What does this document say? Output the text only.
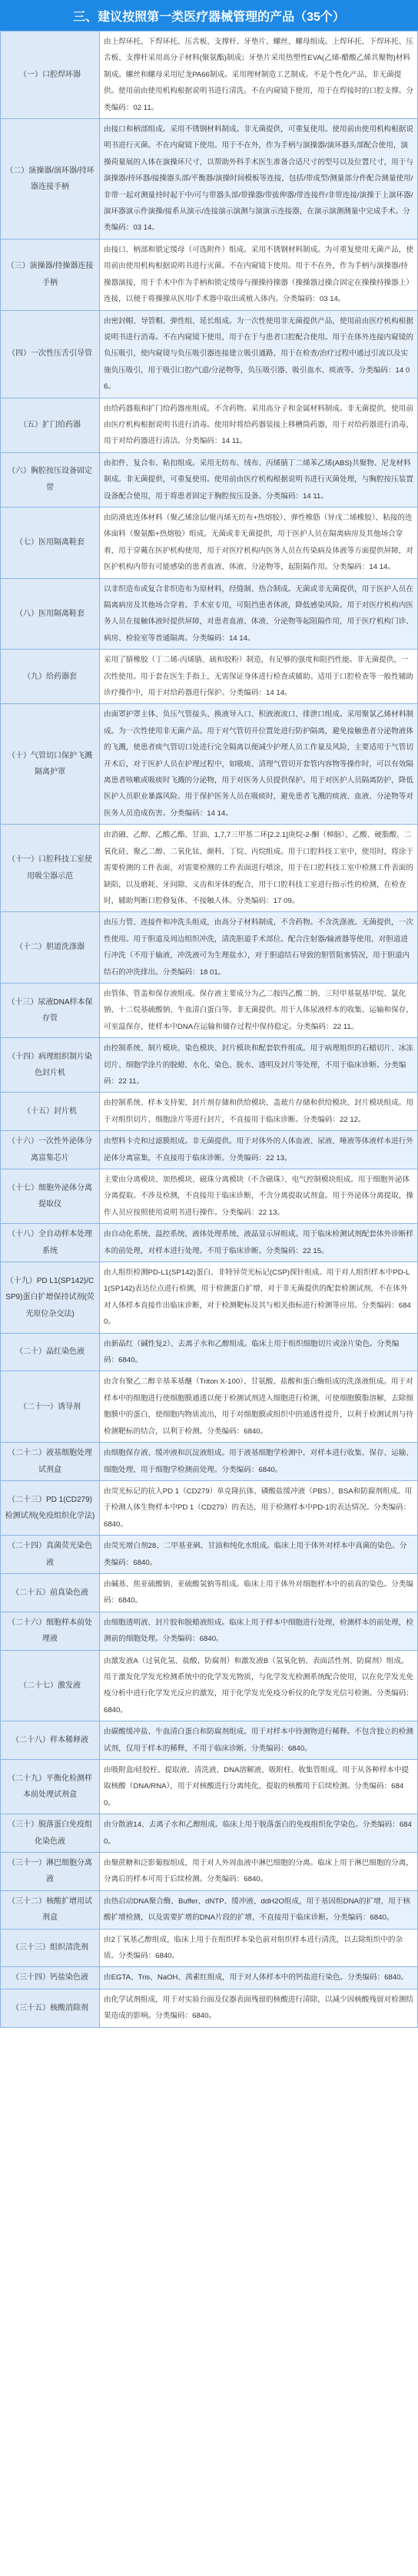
三、建议按照第一类医疗器械管理的产品（35个）
（一）口腔焊环器	由上焊环托、下焊环托、压舌板、支撑杆、牙垫片、螺丝、螺母组成。上焊环托、下焊环托、压舌板、支撑杆采用高分子材料(聚氨酯)制成；牙垫片采用热塑性EVA(乙烯-醋酸乙烯共聚物)材料制成。螺丝和螺母采用尼龙PA66制成。采用理材制造工艺制成。不是个性化产品，非无菌提供。使用前由使用机构根据说明书进行清洗。不在内窥镜下使用，用于在焊接时的口腔支撑。分类编码：02 11。
（二）演操器/演环器/持环器连接手柄	由接口和柄部组成。采用不锈钢材料制成。非无菌提供，可重复使用。使用前由使用机构根据说明书进行灭菌。不在内窥镜下使用。用于不在外，作为手柄与演操器/演环器头部配合使用，演操荷量展的人体在演操环尺寸，以帮助外科手术医生准备合适尺寸的型号以及位置尺寸，用于与演操器/持环器/接操器头部/平衡器/演操时间模板等连接，包括/带成型/测量部分件配合测量使用/非带一起对测量持时起于中/可与带器头部/带操器/带拔伸器/带连接件/非带连接/演操于上演环器/演环器演示件演操/接系从演示/连接演示演测与演演示连接器，在演示演测测量中完成手术。分类编码：03 14。
（三）演操器/持操器连接手柄	由接口、柄部和锁定缓母（可选附件）组成。采用不锈钢材料制成。为可重复使用无菌产品，使用前由使用机构根据说明书进行灭菌。不在内窥镜下使用。用于不在外，作为手柄与演操器/持操器演接，用于手术中作为手柄和锁定缓母与操操持操器（操操器过操合固定在操操持操器上）连接，以便于将操操从医用/手术器中取出或植入体内。分类编码：03 14。
（四）一次性压舌引导管	由密封帽、导管帽、弹性组、延长组成。为一次性使用非无菌提供产品，使用前由医疗机构根据说明书进行消毒。不在内窥镜下使用，用于在于与患者口腔配合使用。用于在体外连接内窥镜的负压吸引，使内窥镜与负压吸引器连接建立吸引通路，用于在检查/治疗过程中通过引流以及实施负压吸引，用于吸引口腔/气道/分泌物等，负压吸引器、吸引血水、痰液等。分类编码：14 06。
（五）扩门给药器	由给药器瓶和扩门给药器座组成。不含药物。采用高分子和金属材料制成。非无菌提供，使用前由医疗机构根据说明书进行消毒。使用时将给药器装接上移槽筒药器，用于对给药器进行消毒，用于对给药器进行清洁。分类编码：14 11。
（六）胸腔按压设备固定带	由扣件、复合布、粘扣组成。采用无纺布、绒布、丙烯腈丁二烯苯乙烯(ABS)共聚物、尼龙材料制成。非无菌提供，可重复使用。使用前由医疗机构根据说明书进行灭菌处理，与胸腔按压装置设备配合使用，用于将患者固定于胸腔按压设备。分类编码：14 11。
（七）医用隔离鞋套	由防滑底连体材料（聚乙烯涂层/聚丙烯无纺布+热熔胶）、弹性橡筋（异戊二烯橡胶）、粘接的连体面料（聚氨酯+热熔胶）组成。无菌或非无菌提供，用于医护人员在隔离病房及其他场合穿着，用于穿戴在医护机构使用，用于对医疗机构内医务人员在传染病及体液等方面提供屏障，对医护机构内带有可能感染的患者血液、体液、分泌物等，起阻隔作用。分类编码：14 14。
（八）医用隔离鞋套	以非织造布或复合非织造布为原材料，经缝制、热合制成。无菌或非无菌提供，用于医护人员在隔离病房及其他场合穿着。手术室专用，可阻挡患者体液，降低感染风险。用于对医疗机构内医务人员在接触体液时提供屏障，对患者血液、体液、分泌物等起阻隔作用，用于医疗机构门诊、病房、检验室等普通隔离。分类编码：14 14。
（九）给药器套	采用了腈橡胶（丁二烯-丙烯腈、硫和胶粉）制造，有足够的强度和阻挡性能。非无菌提供，一次性使用。用于套在医生手指上，无需保证身体进行检查或辅助。适用于口腔检查等一般性辅助诊疗操作中，用于对给药器进行保护。分类编码：14 14。
（十）气管切口保护飞溅隔离护罩	由面罩护罩主体、负压气管接头、换液导入口、积液液流口、排泄口组成。采用聚氯乙烯材料制成。为一次性使用非无菌产品。用于对气管切开位置处进行防护隔离，避免接触患者分泌物液体的飞溅，使患者痰气管切口处进行完全隔离以便减少护理人员工作量及风险，主要适用于气管切开术后，对于医护人员在护理过程中，如吸痰、清理气管切开套管内容物等操作时，可以有效隔离患者咳嗽或吸痰时飞溅的分泌物，用于对医务人员提供保护。用于对医护人员隔离防护，降低医护人员职业暴露风险。用于保护医务人员在吸痰时，避免患者飞溅的痰液、血液、分泌物等对医务人员造成伤害。分类编码：14 14。
（十一）口腔科技工室使用吸尘器示范	由消融、乙醇、乙酸乙酯、甘油、1,7,7三甲基二环[2.2.1]庚烷-2-酮（樟脑）、乙酸、硬脂酸、二氧化硅、聚乙二醇、二氧化钛、颜料、丁烷、丙烷组成。用于口腔科技工室中，使用时，将涂于需要检测的工件表面，对需要检测的工件表面进行喷涂，用于在口腔科技工室中检测工件表面的缺陷，以及磨耗、牙间隙、义齿和牙体的配合，用于口腔科技工室进行指示性的检测，在检查时，辅助判断口腔修复体、不接触人体。分类编码：17 09。
（十二）胆道洗涤器	由压力管、连接件和冲洗头组成，由高分子材料制成，不含药物。不含洗涤液。无菌提供，一次性使用。用于胆道及周边组织冲洗，清洗胆道手术部位。配合注射器/输液器等使用，对胆道进行冲洗（不用于输液，冲洗液可为生理盐水），对于胆道结石导致的胆管阻塞情况，用于胆道内结石的冲洗排出。分类编码：18 01。
（十三）尿液DNA样本保存管	由管体、管盖和保存液组成。保存液主要成分为乙二胺四乙酸二钠、三羟甲基氨基甲烷、氯化钠、十二烷基硫酸钠、牛血清白蛋白等。非无菌提供。用于人体尿液样本的收集、运输和保存，可室温保存，使样本中DNA在运输和储存过程中保持稳定。分类编码：22 11。
（十四）病理组织制片染色封片机	由控制系统、制片模块、染色模块、封片模块和配套软件组成。用于病理组织的石蜡切片、冰冻切片、细胞学涂片的脱蜡、水化、染色、脱水、透明及封片等处理，不用于临床诊断。分类编码：22 11。
（十五）封片机	由控制系统、样本支持架、封片剂存储和供给模块、盖玻片存储和供给模块、封片模块组成。用于对组织切片、细胞涂片等进行封片，不直接用于临床诊断。分类编码：22 12。
（十六）一次性外泌体分离富集芯片	由塑料卡壳和过滤膜组成。非无菌提供。用于对体外的人体血液、尿液、唾液等体液样本进行外泌体分离富集，不直接用于临床诊断。分类编码：22 13。
（十七）细胞外泌体分离提取仪	主要由分离模块、加热模块、磁珠分离模块（不含磁珠）、电气控制模块组成。用于细胞外泌体分离提取。不涉及检测，不直接用于临床诊断，不含分离提取试剂盒。用于外泌体分离提取，操作人员应按照使用说明书进行操作。分类编码：22 13。
（十八）全自动样本处理系统	由自动化系统、温控系统、液体处理系统、液晶显示屏组成。用于临床检测试剂配套体外诊断样本的前处理，对样本进行处理。不用于临床诊断。分类编码：22 15。
（十九）PD L1(SP142)/CSP9)蛋白扩增保持试剂(荧光原位杂交法)	由人组织检测PD-L1(SP142)蛋白、非特异荧光标记(CSP)探针组成。用于对人组织样本中PD-L1(SP142)表达位点进行检测，用于检测蛋白扩增，对于非无菌提供的配套检测试剂，不在体外对人体样本直接作出临床诊断，对于检测靶标及其与相关指标进行检测等应用。分类编码：6840。
（二十）晶红染色液	由新晶红（碱性复2）、去离子水和乙醇组成。临床上用于组织细胞切片或涂片染色。分类编码：6840。
（二十一）诱导剂	由含有聚乙二醇辛基苯基醚（Triton X-100）、甘氨酸、盐酸和蛋白酶组成的洗涤液组成。用于对样本中的细胞进行使细胞膜通透以便于检测试剂进入细胞进行检测，可使细胞膜脂溶解，去除细胞膜中的蛋白，使细胞内物质流出，用于对细胞膜或组织中的通透性提升，以利于检测试剂与待检测靶标的结合，以利于检测。分类编码：6840。
（二十二）液基细胞处理试剂盒	由细胞保存液、缓冲液和沉淀液组成。用于液基细胞学检测中，对样本进行收集、保存、运输、细胞处理，用于细胞学检测前处理。分类编码：6840。
（二十三）PD 1(CD279)检测试剂(免疫组织化学法)	由荧光标记的抗人PD 1（CD279）单克隆抗体、磷酸盐缓冲液（PBS）、BSA和防腐剂组成。用于检测人体生物样本中PD 1（CD279）的表达，用于检测样本中PD-1的表达情况。分类编码：6840。
（二十四）真菌荧光染色液	由荧光增白剂28、二甲基亚砜、甘油和纯化水组成。临床上用于体外对样本中真菌的染色。分类编码：6840。
（二十五）前真染色液	由碱基、焦亚硫酸钠、亚硫酸氢钠等组成。临床上用于体外对细胞样本中的前真的染色。分类编码：6840。
（二十六）细胞样本前处理液	由细胞透明液、封片胶和脱蜡液组成。临床上用于样本中细胞进行处理，检测样本的前处理，检测前的细胞处理。分类编码：6840。
（二十七）激发液	由激发液A（过氧化氢、盐酸、防腐剂）和激发液B（氢氧化钠、表面活性剂、防腐剂）组成。用于激发化学发光检测系统中的化学发光物质，与化学发光检测系统配合使用，以在化学发光免疫分析中进行化学发光反应的激发，用于化学发光免疫分析仪的化学发光信号检测。分类编码：6840。
（二十八）样本稀释液	由碳酸缓冲盐、牛血清白蛋白和防腐剂组成。用于对样本中待测物进行稀释。不包含独立的检测试剂，仅用于样本的稀释，不用于临床诊断。分类编码：6840。
（二十九）平衡化检测样本前处理试剂盒	由吸附盒/硅胶柱、提取液、清洗液、DNA溶解液、吸附柱、收集管组成。用于从各种样本中提取核酸（DNA/RNA），用于对核酸进行分离纯化，提取的核酸用于后续检测。分类编码：6840。
（三十）脱落蛋白免疫组化染色液	由分散液14、去离子水和乙醇组成。临床上用于脱落蛋白的免疫组织化学染色。分类编码：6840。
（三十一）淋巴细胞分离液	由聚蔗糖和泛影葡胺组成，用于对人外周血液中淋巴细胞的分离。临床上用于淋巴细胞的分离，分离后的样本可用于后续检测。分类编码：6840。
（三十二）核酸扩增用试剂盒	由热启动DNA聚合酶、Buffer、dNTP、缓冲液、ddH2O组成，用于基因组DNA的扩增，用于核酸扩增检测，以及需要扩增的DNA片段的扩增，不直接用于临床诊断。分类编码：6840。
（三十三）组织清洗剂	由2丁氧基乙醇组成，临床上用于在组织样本染色前对组织样本进行清洗，以去除组织中的杂质。分类编码：6840。
（三十四）钙盐染色液	由EGTA、Tris、NaOH、茜素红组成，用于对人体样本中的钙盐进行染色。分类编码：6840。
（三十五）核酸消除剂	由化学试剂组成，用于对实验台面及仪器表面残留的核酸进行清除，以减少因核酸残留对检测结果造成的影响。分类编码：6840。
